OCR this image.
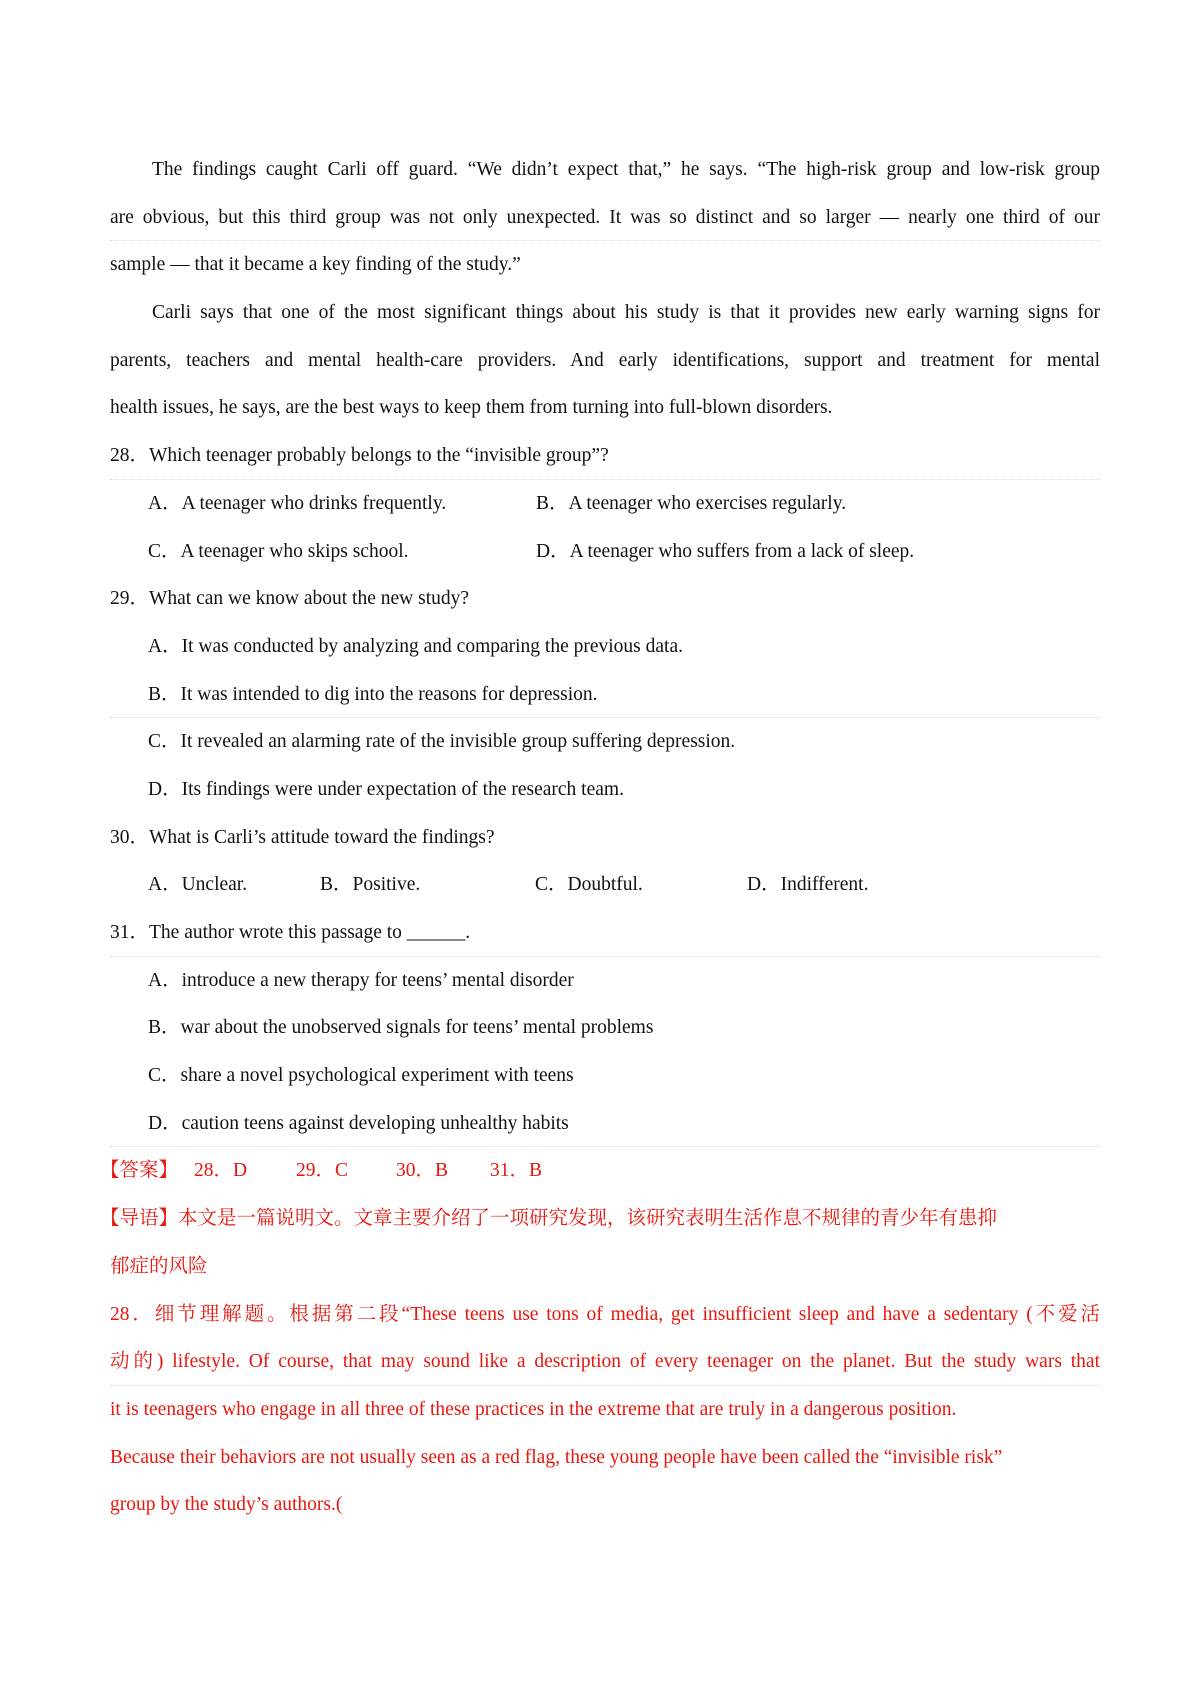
The findings caught Carli off guard. “We didn’t expect that,” he says. “The high-risk group and low-risk group
are obvious, but this third group was not only unexpected. It was so distinct and so larger — nearly one third of our
sample — that it became a key finding of the study.”
Carli says that one of the most significant things about his study is that it provides new early warning signs for
parents, teachers and mental health-care providers. And early identifications, support and treatment for mental
health issues, he says, are the best ways to keep them from turning into full-blown disorders.
28．Which teenager probably belongs to the “invisible group”?
A．A teenager who drinks frequently.	B．A teenager who exercises regularly.
C．A teenager who skips school.	D．A teenager who suffers from a lack of sleep.
29．What can we know about the new study?
A．It was conducted by analyzing and comparing the previous data.
B．It was intended to dig into the reasons for depression.
C．It revealed an alarming rate of the invisible group suffering depression.
D．Its findings were under expectation of the research team.
30．What is Carli’s attitude toward the findings?
A．Unclear.	B．Positive.	C．Doubtful.	D．Indifferent.
31．The author wrote this passage to ______.
A．introduce a new therapy for teens’ mental disorder
B．war about the unobserved signals for teens’ mental problems
C．share a novel psychological experiment with teens
D．caution teens against developing unhealthy habits
【答案】 28．D	29．C 30．B 31．B
【导语】本文是一篇说明文。文章主要介绍了一项研究发现，该研究表明生活作息不规律的青少年有患抑
郁症的风险
28．细节理解题。根据第二段“These teens use tons of media, get insufficient sleep and have a sedentary (不爱活
动的) lifestyle. Of course, that may sound like a description of every teenager on the planet. But the study wars that
it is teenagers who engage in all three of these practices in the extreme that are truly in a dangerous position.
Because their behaviors are not usually seen as a red flag, these young people have been called the “invisible risk”
group by the study’s authors.(
